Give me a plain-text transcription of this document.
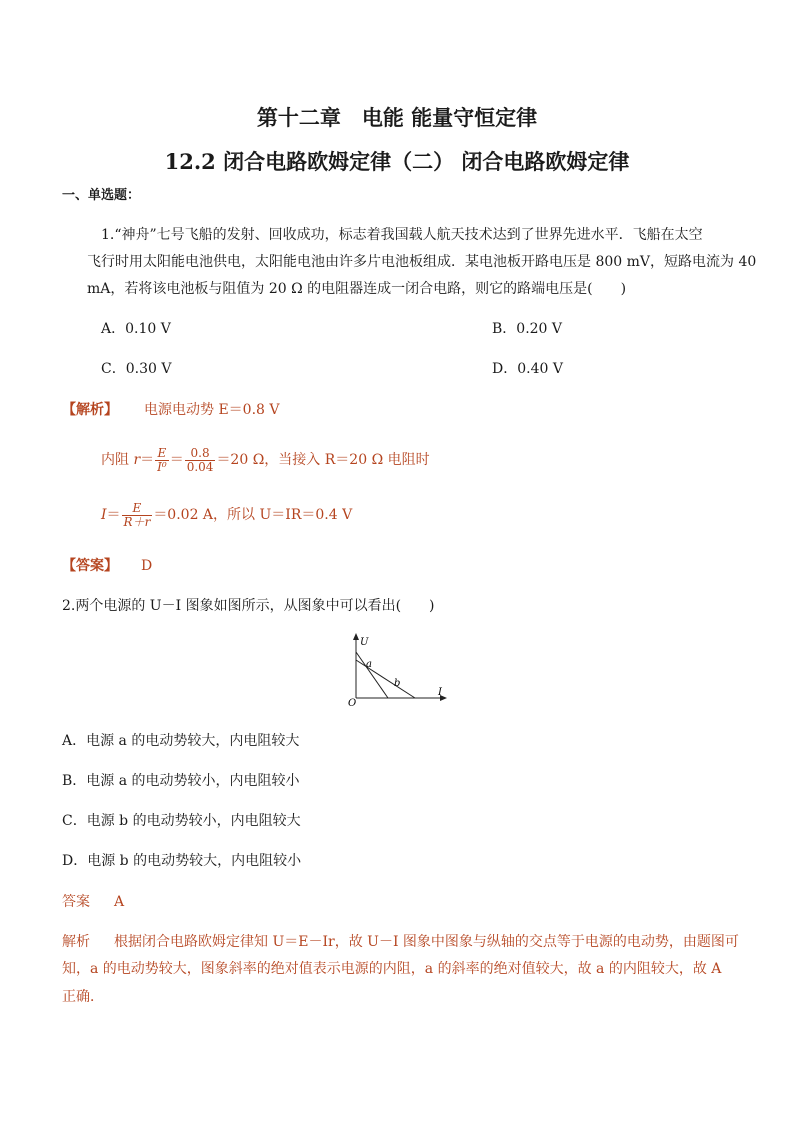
第十二章　电能 能量守恒定律
12.2 闭合电路欧姆定律（二） 闭合电路欧姆定律
一、单选题：
1.“神舟”七号飞船的发射、回收成功，标志着我国载人航天技术达到了世界先进水平．飞船在太空
飞行时用太阳能电池供电，太阳能电池由许多片电池板组成．某电池板开路电压是 800 mV，短路电流为 40
mA，若将该电池板与阻值为 20 Ω 的电阻器连成一闭合电路，则它的路端电压是(　　)
A．0.10 V	B．0.20 V
C．0.30 V	D．0.40 V
【解析】 电源电动势 E＝0.8 V
内阻 $r= \frac{E}{\text{I⁰}} = \frac{0.8}{0.04} =20$ Ω，当接入 R＝20 Ω 电阻时
$I= \frac{E}{R+r} =0.02$ A，所以 U＝IR＝0.4 V
【答案】 D
2.两个电源的 U－I 图象如图所示，从图象中可以看出(　　)
U
I
O
a
b
A．电源 a 的电动势较大，内电阻较大
B．电源 a 的电动势较小，内电阻较小
C．电源 b 的电动势较小，内电阻较大
D．电源 b 的电动势较大，内电阻较小
答案 A
解析 根据闭合电路欧姆定律知 U＝E－Ir，故 U－I 图象中图象与纵轴的交点等于电源的电动势，由题图可
知，a 的电动势较大，图象斜率的绝对值表示电源的内阻，a 的斜率的绝对值较大，故 a 的内阻较大，故 A
正确．
